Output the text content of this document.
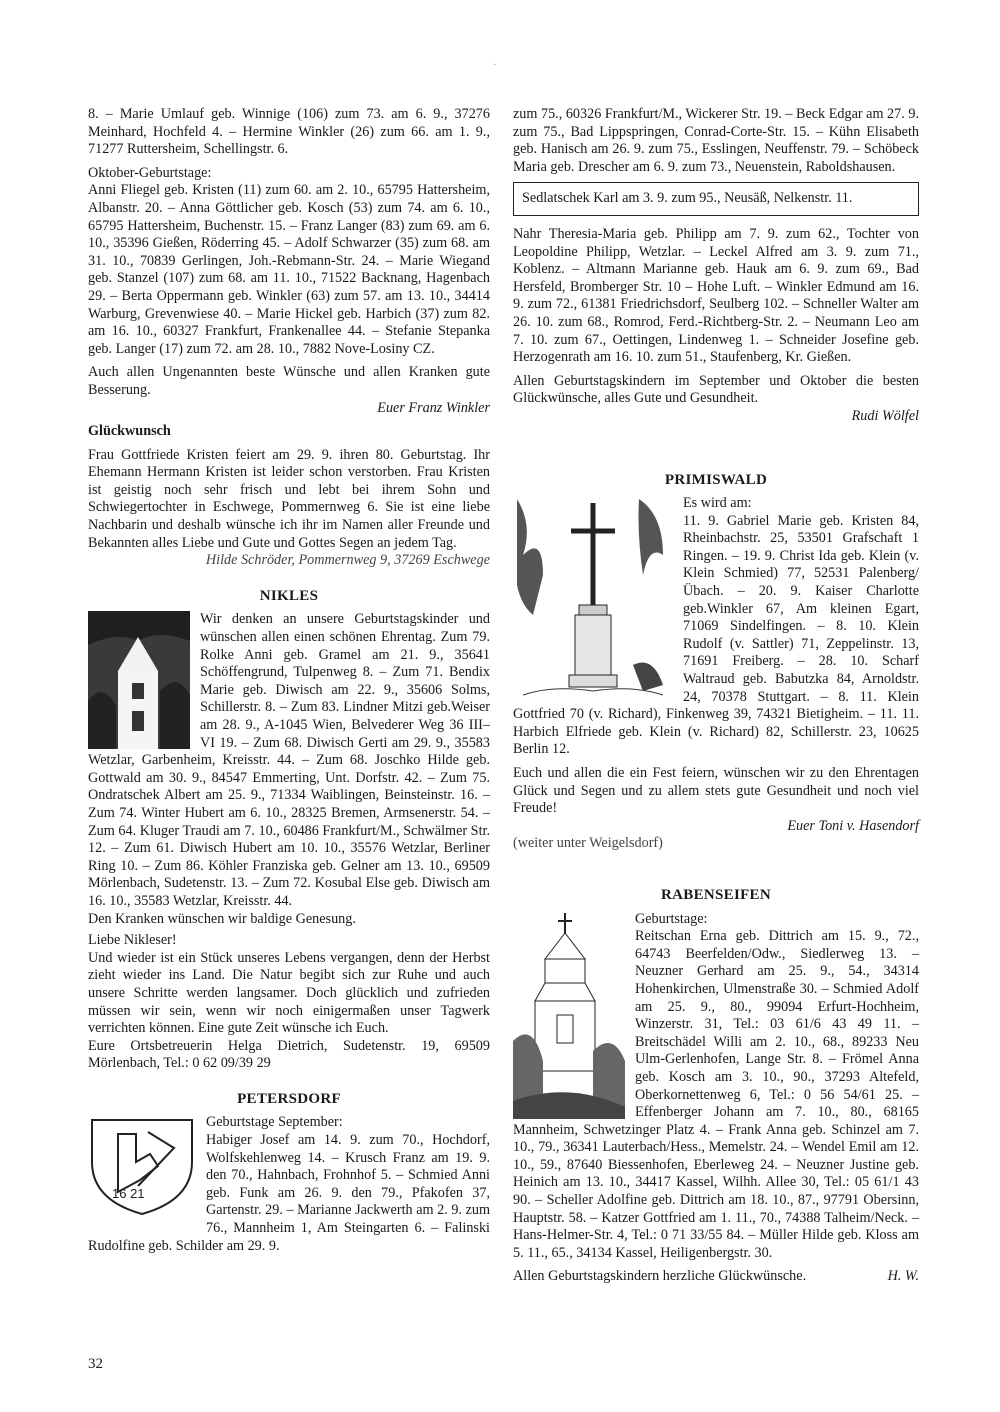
·

8. – Marie Umlauf geb. Winnige (106) zum 73. am 6. 9., 37276 Meinhard, Hochfeld 4. – Hermine Winkler (26) zum 66. am 1. 9., 71277 Ruttersheim, Schellingstr. 6.

Oktober-Geburtstage:

Anni Fliegel geb. Kristen (11) zum 60. am 2. 10., 65795 Hattersheim, Albanstr. 20. – Anna Göttlicher geb. Kosch (53) zum 74. am 6. 10., 65795 Hattersheim, Buchenstr. 15. – Franz Langer (83) zum 69. am 6. 10., 35396 Gießen, Röderring 45. – Adolf Schwarzer (35) zum 68. am 31. 10., 70839 Gerlingen, Joh.-Rebmann-Str. 24. – Marie Wiegand geb. Stanzel (107) zum 68. am 11. 10., 71522 Backnang, Hagenbach 29. – Berta Oppermann geb. Winkler (63) zum 57. am 13. 10., 34414 Warburg, Grevenwiese 40. – Marie Hickel geb. Harbich (37) zum 82. am 16. 10., 60327 Frankfurt, Frankenallee 44. – Stefanie Stepanka geb. Langer (17) zum 72. am 28. 10., 7882 Nove-Losiny CZ.

Auch allen Ungenannten beste Wünsche und allen Kranken gute Besserung.

Euer Franz Winkler

Glückwunsch

Frau Gottfriede Kristen feiert am 29. 9. ihren 80. Geburtstag. Ihr Ehemann Hermann Kristen ist leider schon verstorben. Frau Kristen ist geistig noch sehr frisch und lebt bei ihrem Sohn und Schwiegertochter in Eschwege, Pommernweg 6. Sie ist eine liebe Nachbarin und deshalb wünsche ich ihr im Namen aller Freunde und Bekannten alles Liebe und Gute und Gottes Segen an jedem Tag.

Hilde Schröder, Pommernweg 9, 37269 Eschwege

NIKLES

Wir denken an unsere Geburtstagskinder und wünschen allen einen schönen Ehrentag. Zum 79. Rolke Anni geb. Gramel am 21. 9., 35641 Schöffengrund, Tulpenweg 8. – Zum 71. Bendix Marie geb. Diwisch am 22. 9., 35606 Solms, Schillerstr. 8. – Zum 83. Lindner Mitzi geb.Weiser am 28. 9., A-1045 Wien, Belvederer Weg 36 III–VI 19. – Zum 68. Diwisch Gerti am 29. 9., 35583 Wetzlar, Garbenheim, Kreisstr. 44. – Zum 68. Joschko Hilde geb. Gottwald am 30. 9., 84547 Emmerting, Unt. Dorfstr. 42. – Zum 75. Ondratschek Albert am 25. 9., 71334 Waiblingen, Beinsteinstr. 16. – Zum 74. Winter Hubert am 6. 10., 28325 Bremen, Armsenerstr. 54. – Zum 64. Kluger Traudi am 7. 10., 60486 Frankfurt/M., Schwälmer Str. 12. – Zum 61. Diwisch Hubert am 10. 10., 35576 Wetzlar, Berliner Ring 10. – Zum 86. Köhler Franziska geb. Gelner am 13. 10., 69509 Mörlenbach, Sudetenstr. 13. – Zum 72. Kosubal Else geb. Diwisch am 16. 10., 35583 Wetzlar, Kreisstr. 44.

Den Kranken wünschen wir baldige Genesung.

Liebe Nikleser!

Und wieder ist ein Stück unseres Lebens vergangen, denn der Herbst zieht wieder ins Land. Die Natur begibt sich zur Ruhe und auch unsere Schritte werden langsamer. Doch glücklich und zufrieden müssen wir sein, wenn wir noch einigermaßen unser Tagwerk verrichten können. Eine gute Zeit wünsche ich Euch.

Eure Ortsbetreuerin Helga Dietrich, Sudetenstr. 19, 69509 Mörlenbach, Tel.: 0 62 09/39 29

PETERSDORF

16 21

Geburtstage September:

Habiger Josef am 14. 9. zum 70., Hochdorf, Wolfskehlenweg 14. – Krusch Franz am 19. 9. den 70., Hahnbach, Frohnhof 5. – Schmied Anni geb. Funk am 26. 9. den 79., Pfakofen 37, Gartenstr. 29. – Marianne Jackwerth am 2. 9. zum 76., Mannheim 1, Am Steingarten 6. – Falinski Rudolfine geb. Schilder am 29. 9.

zum 75., 60326 Frankfurt/M., Wickerer Str. 19. – Beck Edgar am 27. 9. zum 75., Bad Lippspringen, Conrad-Corte-Str. 15. – Kühn Elisabeth geb. Hanisch am 26. 9. zum 75., Esslingen, Neuffenstr. 79. – Schöbeck Maria geb. Drescher am 6. 9. zum 73., Neuenstein, Raboldshausen.

Sedlatschek Karl am 3. 9. zum 95., Neusäß, Nelkenstr. 11.

Nahr Theresia-Maria geb. Philipp am 7. 9. zum 62., Tochter von Leopoldine Philipp, Wetzlar. – Leckel Alfred am 3. 9. zum 71., Koblenz. – Altmann Marianne geb. Hauk am 6. 9. zum 69., Bad Hersfeld, Bromberger Str. 10 – Hohe Luft. – Winkler Edmund am 16. 9. zum 72., 61381 Friedrichsdorf, Seulberg 102. – Schneller Walter am 26. 10. zum 68., Romrod, Ferd.-Richtberg-Str. 2. – Neumann Leo am 7. 10. zum 67., Oettingen, Lindenweg 1. – Schneider Josefine geb. Herzogenrath am 16. 10. zum 51., Staufenberg, Kr. Gießen.

Allen Geburtstagskindern im September und Oktober die besten Glückwünsche, alles Gute und Gesundheit.

Rudi Wölfel

PRIMISWALD

Es wird am:

11. 9. Gabriel Marie geb. Kristen 84, Rheinbachstr. 25, 53501 Grafschaft 1 Ringen. – 19. 9. Christ Ida geb. Klein (v. Klein Schmied) 77, 52531 Palenberg/Übach. – 20. 9. Kaiser Charlotte geb.Winkler 67, Am kleinen Egart, 71069 Sindelfingen. – 8. 10. Klein Rudolf (v. Sattler) 71, Zeppelinstr. 13, 71691 Freiberg. – 28. 10. Scharf Waltraud geb. Babutzka 84, Arnoldstr. 24, 70378 Stuttgart. – 8. 11. Klein Gottfried 70 (v. Richard), Finkenweg 39, 74321 Bietigheim. – 11. 11. Harbich Elfriede geb. Klein (v. Richard) 82, Schillerstr. 23, 10625 Berlin 12.

Euch und allen die ein Fest feiern, wünschen wir zu den Ehrentagen Glück und Segen und zu allem stets gute Gesundheit und noch viel Freude!

Euer Toni v. Hasendorf

(weiter unter Weigelsdorf)

RABENSEIFEN

Geburtstage:

Reitschan Erna geb. Dittrich am 15. 9., 72., 64743 Beerfelden/Odw., Siedlerweg 13. – Neuzner Gerhard am 25. 9., 54., 34314 Hohenkirchen, Ulmenstraße 30. – Schmied Adolf am 25. 9., 80., 99094 Erfurt-Hochheim, Winzerstr. 31, Tel.: 03 61/6 43 49 11. – Breitschädel Willi am 2. 10., 68., 89233 Neu Ulm-Gerlenhofen, Lange Str. 8. – Frömel Anna geb. Kosch am 3. 10., 90., 37293 Altefeld, Oberkornettenweg 6, Tel.: 0 56 54/61 25. – Effenberger Johann am 7. 10., 80., 68165 Mannheim, Schwetzinger Platz 4. – Frank Anna geb. Schinzel am 7. 10., 79., 36341 Lauterbach/Hess., Memelstr. 24. – Wendel Emil am 12. 10., 59., 87640 Biessenhofen, Eberleweg 24. – Neuzner Justine geb. Heinich am 13. 10., 34417 Kassel, Wilhh. Allee 30, Tel.: 05 61/1 43 90. – Scheller Adolfine geb. Dittrich am 18. 10., 87., 97791 Obersinn, Hauptstr. 58. – Katzer Gottfried am 1. 11., 70., 74388 Talheim/Neck. – Hans-Helmer-Str. 4, Tel.: 0 71 33/55 84. – Müller Hilde geb. Kloss am 5. 11., 65., 34134 Kassel, Heiligenbergstr. 30.

Allen Geburtstagskindern herzliche Glückwünsche.	H. W.
32
